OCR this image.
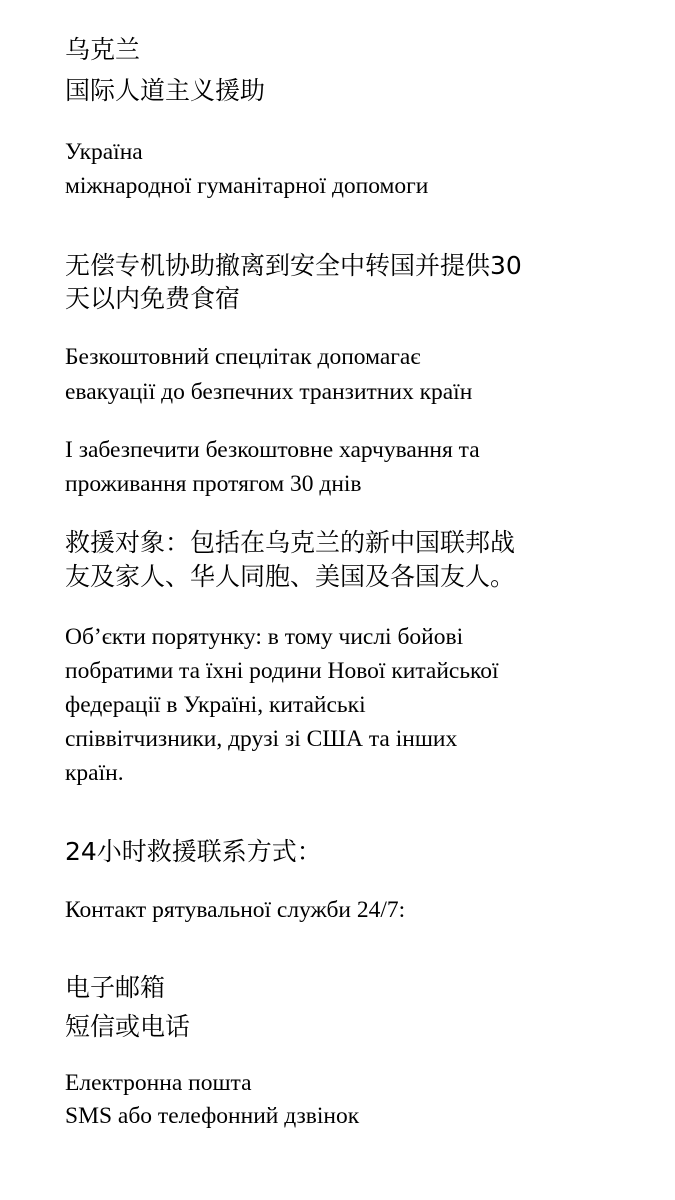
乌克兰
国际人道主义援助
Україна
міжнародної гуманітарної допомоги
无偿专机协助撤离到安全中转国并提供30
天以内免费食宿
Безкоштовний спецлітак допомагає
евакуації до безпечних транзитних країн
І забезпечити безкоштовне харчування та
проживання протягом 30 днів
救援对象：包括在乌克兰的新中国联邦战
友及家人、华人同胞、美国及各国友人。
Об’єкти порятунку: в тому числі бойові
побратими та їхні родини Нової китайської
федерації в Україні, китайські
співвітчизники, друзі зі США та інших
країн.
24小时救援联系方式：
Контакт рятувальної служби 24/7:
电子邮箱
短信或电话
Електронна пошта
SMS або телефонний дзвінок
